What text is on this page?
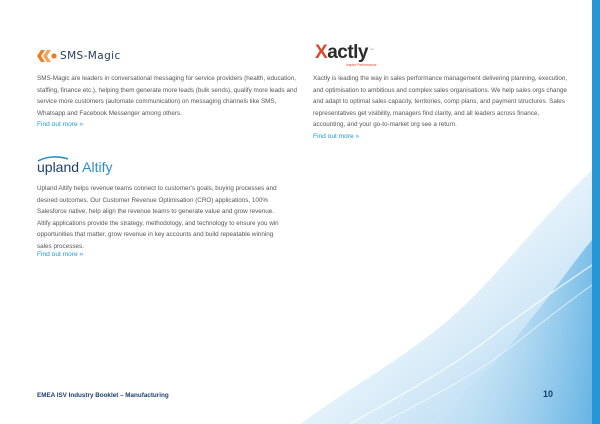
SMS-Magic

SMS-Magic are leaders in conversational messaging for service providers (health, education, staffing, finance etc.), helping them generate more leads (bulk sends), qualify more leads and service more customers (automate communication) on messaging channels like SMS, Whatsapp and Facebook Messenger among others.

Find out more »
Xactly ™
Inspire Performance

Xactly is leading the way in sales performance management delivering planning, execution, and optimisation to ambitious and complex sales organisations. We help sales orgs change and adapt to optimal sales capacity, territories, comp plans, and payment structures. Sales representatives get visibility, managers find clarity, and all leaders across finance, accounting, and your go-to-market org see a return.

Find out more »
upland Altify

Upland Altify helps revenue teams connect to customer's goals, buying processes and desired outcomes. Our Customer Revenue Optimisation (CRO) applications, 100% Salesforce native, help align the revenue teams to generate value and grow revenue. Altify applications provide the strategy, methodology, and technology to ensure you win opportunities that matter, grow revenue in key accounts and build repeatable winning sales processes.

Find out more »
EMEA ISV Industry Booklet – Manufacturing	10
